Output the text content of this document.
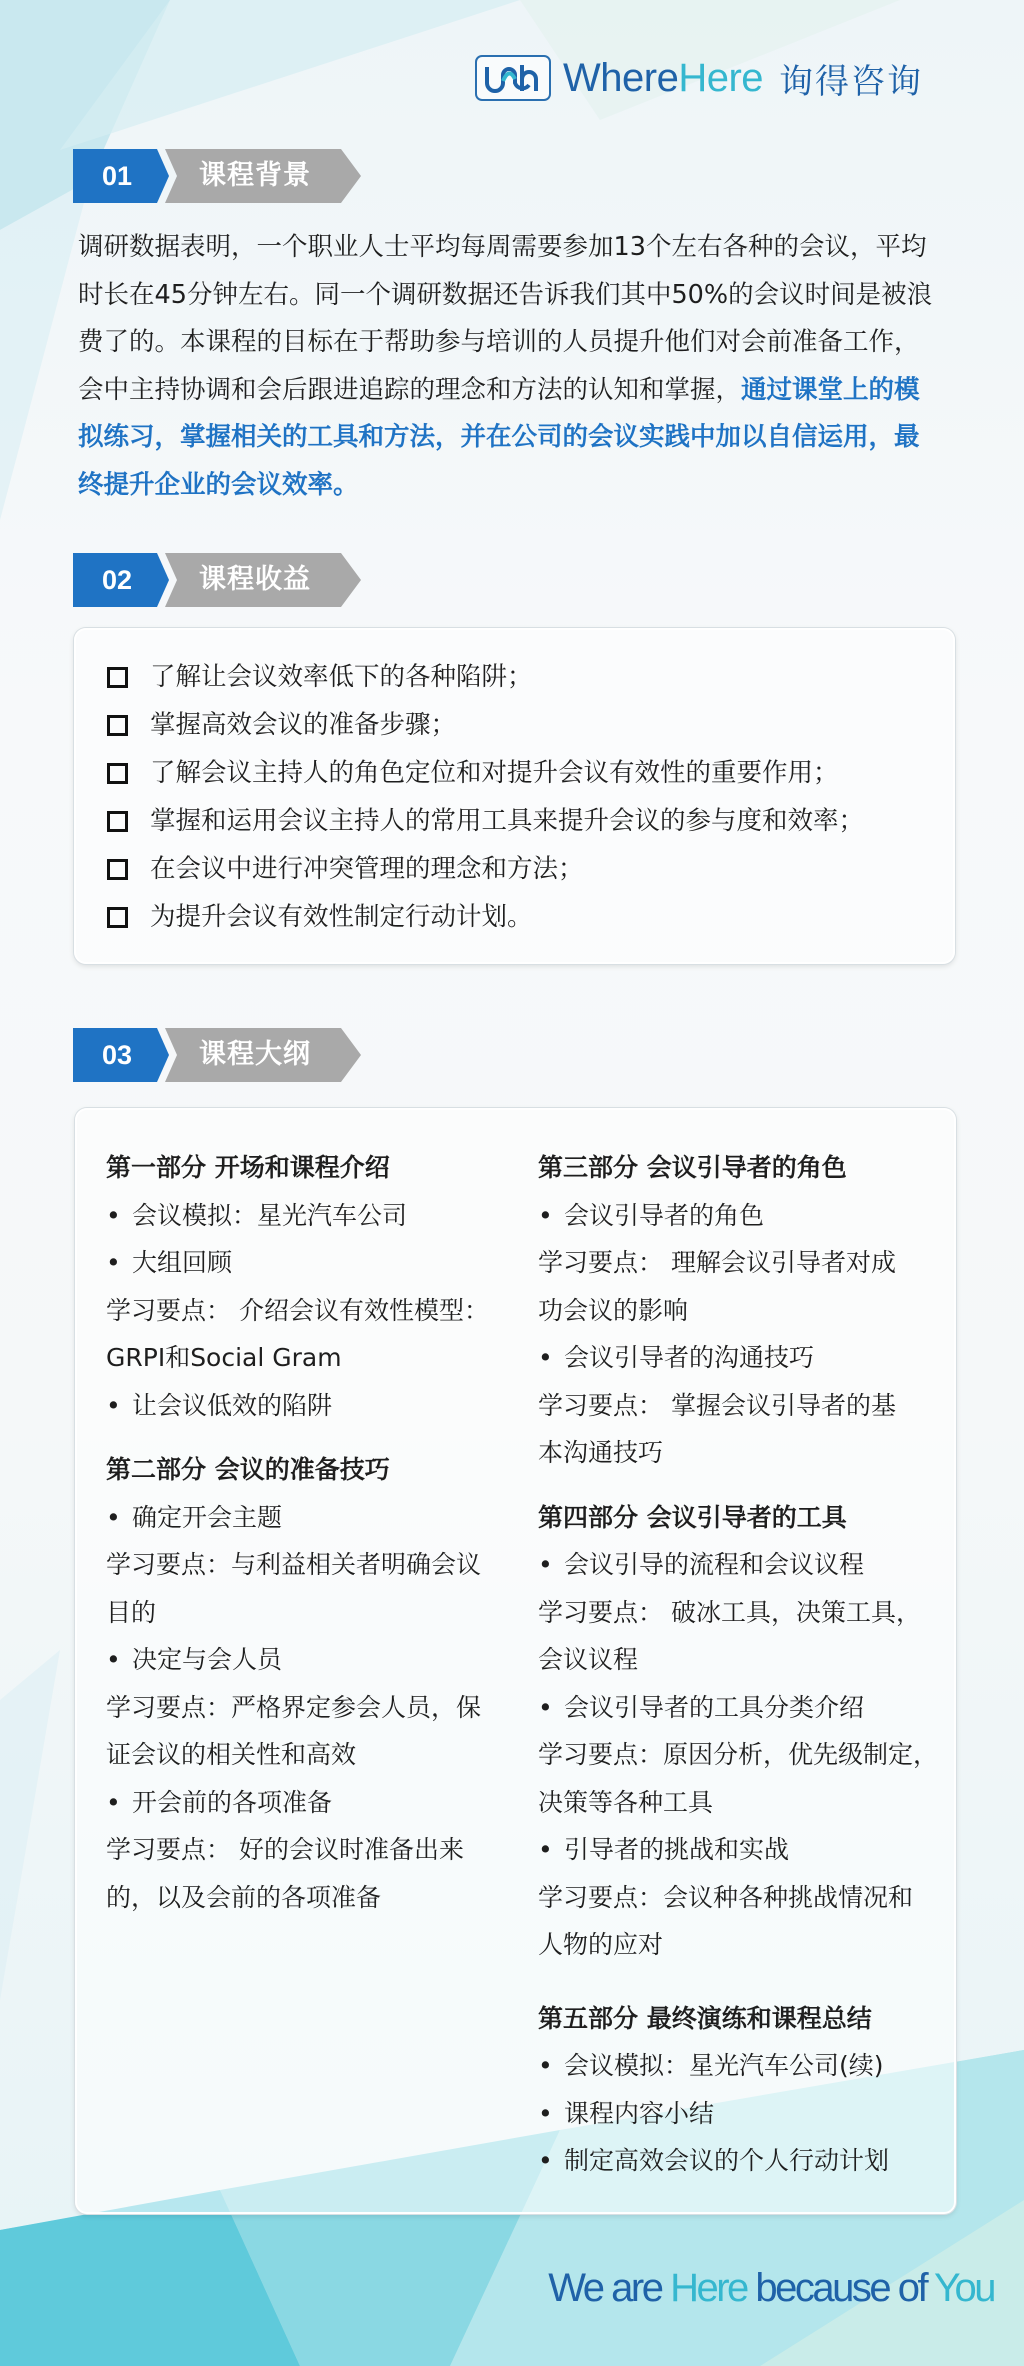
WhereHere 询得咨询
01	课程背景
02	课程收益
03	课程大纲
调研数据表明，一个职业人士平均每周需要参加13个左右各种的会议，平均
时长在45分钟左右。同一个调研数据还告诉我们其中50%的会议时间是被浪
费了的。本课程的目标在于帮助参与培训的人员提升他们对会前准备工作，
会中主持协调和会后跟进追踪的理念和方法的认知和掌握，通过课堂上的模
拟练习，掌握相关的工具和方法，并在公司的会议实践中加以自信运用，最
终提升企业的会议效率。
了解让会议效率低下的各种陷阱；
掌握高效会议的准备步骤；
了解会议主持人的角色定位和对提升会议有效性的重要作用；
掌握和运用会议主持人的常用工具来提升会议的参与度和效率；
在会议中进行冲突管理的理念和方法；
为提升会议有效性制定行动计划。
第一部分 开场和课程介绍
• 会议模拟：星光汽车公司
• 大组回顾
学习要点： 介绍会议有效性模型：
GRPI和Social Gram
• 让会议低效的陷阱
第二部分 会议的准备技巧
• 确定开会主题
学习要点：与利益相关者明确会议
目的
• 决定与会人员
学习要点：严格界定参会人员，保
证会议的相关性和高效
• 开会前的各项准备
学习要点： 好的会议时准备出来
的，以及会前的各项准备
第三部分 会议引导者的角色
• 会议引导者的角色
学习要点： 理解会议引导者对成
功会议的影响
• 会议引导者的沟通技巧
学习要点： 掌握会议引导者的基
本沟通技巧
第四部分 会议引导者的工具
• 会议引导的流程和会议议程
学习要点： 破冰工具，决策工具，
会议议程
• 会议引导者的工具分类介绍
学习要点：原因分析，优先级制定，
决策等各种工具
• 引导者的挑战和实战
学习要点：会议种各种挑战情况和
人物的应对
第五部分 最终演练和课程总结
• 会议模拟：星光汽车公司(续)
• 课程内容小结
• 制定高效会议的个人行动计划
We are Here because of You
